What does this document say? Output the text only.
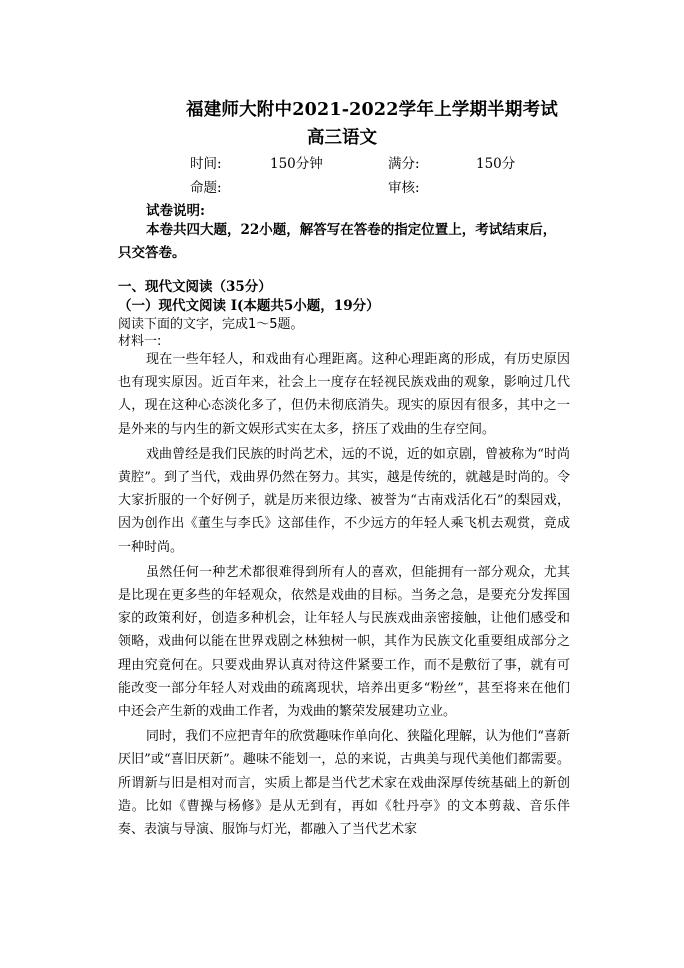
福建师大附中2021-2022学年上学期半期考试
高三语文
时间:	150分钟	满分:	150分
命题:	审核:
试卷说明:
本卷共四大题，22小题，解答写在答卷的指定位置上，考试结束后，只交答卷。
一、现代文阅读（35分）
（一）现代文阅读 I(本题共5小题，19分）
阅读下面的文字，完成1～5题。
材料一:

现在一些年轻人，和戏曲有心理距离。这种心理距离的形成，有历史原因也有现实原因。近百年来，社会上一度存在轻视民族戏曲的观象，影响过几代人，现在这种心态淡化多了，但仍未彻底消失。现实的原因有很多，其中之一是外来的与内生的新文娱形式实在太多，挤压了戏曲的生存空间。

戏曲曾经是我们民族的时尚艺术，远的不说，近的如京剧，曾被称为“时尚黄腔”。到了当代，戏曲界仍然在努力。其实，越是传统的，就越是时尚的。令大家折服的一个好例子，就是历来很边缘、被誉为“古南戏活化石”的梨园戏，因为创作出《董生与李氏》这部佳作，不少远方的年轻人乘飞机去观赏，竟成一种时尚。

虽然任何一种艺术都很难得到所有人的喜欢，但能拥有一部分观众，尤其是比现在更多些的年轻观众，依然是戏曲的目标。当务之急，是要充分发挥国家的政策利好，创造多种机会，让年轻人与民族戏曲亲密接触，让他们感受和领略，戏曲何以能在世界戏剧之林独树一帜，其作为民族文化重要组成部分之理由究竟何在。只要戏曲界认真对待这件紧要工作，而不是敷衍了事，就有可能改变一部分年轻人对戏曲的疏离现状，培养出更多“粉丝”，甚至将来在他们中还会产生新的戏曲工作者，为戏曲的繁荣发展建功立业。

同时，我们不应把青年的欣赏趣味作单向化、狭隘化理解，认为他们“喜新厌旧”或“喜旧厌新”。趣味不能划一，总的来说，古典美与现代美他们都需要。所谓新与旧是相对而言，实质上都是当代艺术家在戏曲深厚传统基础上的新创造。比如《曹操与杨修》是从无到有，再如《牡丹亭》的文本剪裁、音乐伴奏、表演与导演、服饰与灯光，都融入了当代艺术家
